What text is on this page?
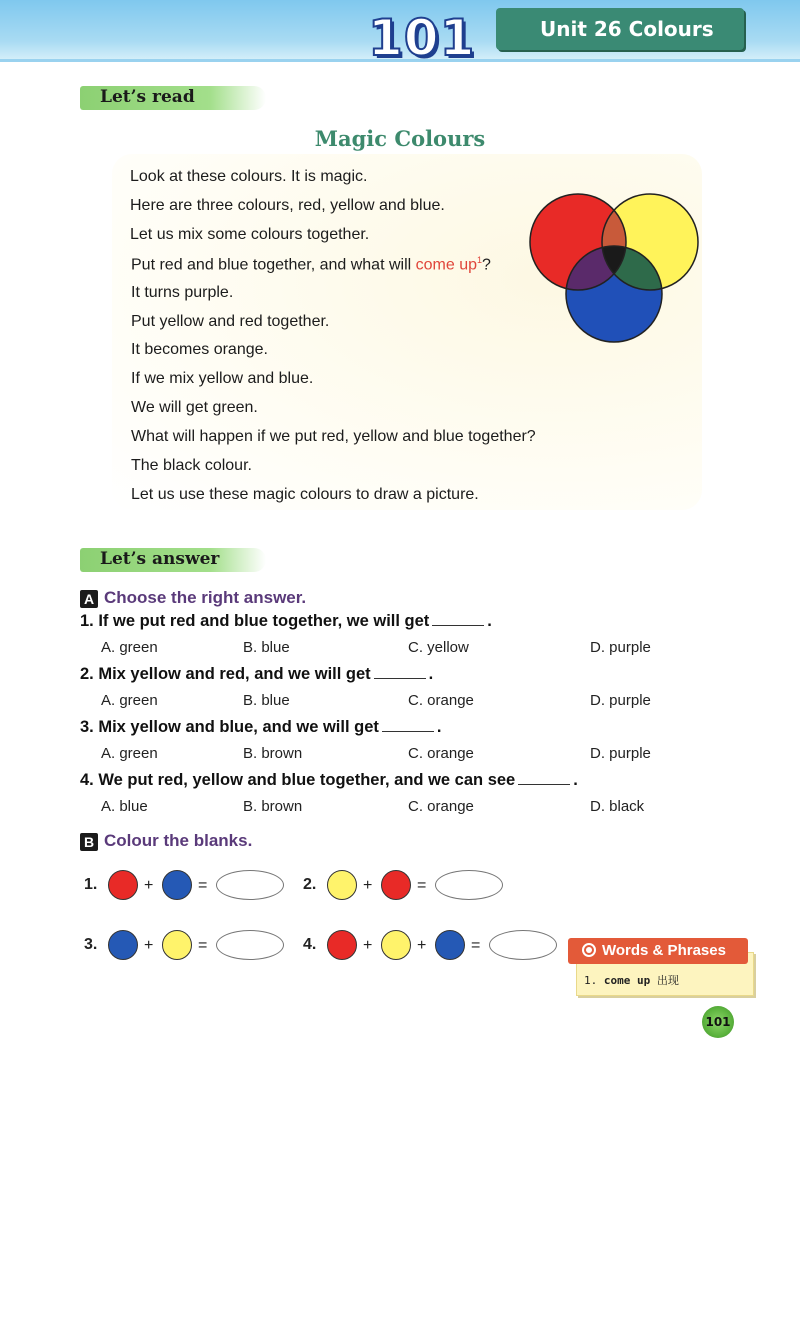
101	Unit 26 Colours
Let’s read
Magic Colours
Look at these colours. It is magic.
Here are three colours, red, yellow and blue.
Let us mix some colours together.
Put red and blue together, and what will come $up^1$?
It turns purple.
Put yellow and red together.
It becomes orange.
If we mix yellow and blue.
We will get green.
What will happen if we put red, yellow and blue together?
The black colour.
Let us use these magic colours to draw a picture.
Let’s answer
A Choose the right answer.
1. If we put red and blue together, we will get	.
A. green	B. blue	C. yellow	D. purple
2. Mix yellow and red, and we will get	.
A. green	B. blue	C. orange	D. purple
3. Mix yellow and blue, and we will get	.
A. green	B. brown	C. orange	D. purple
4. We put red, yellow and blue together, and we can see	.
A. blue	B. brown	C. orange	D. black
B Colour the blanks.
1.	+	=	2.	+	=
3.	+	=	4.	+	+	=	Words & Phrases
1. come up 出现
101
